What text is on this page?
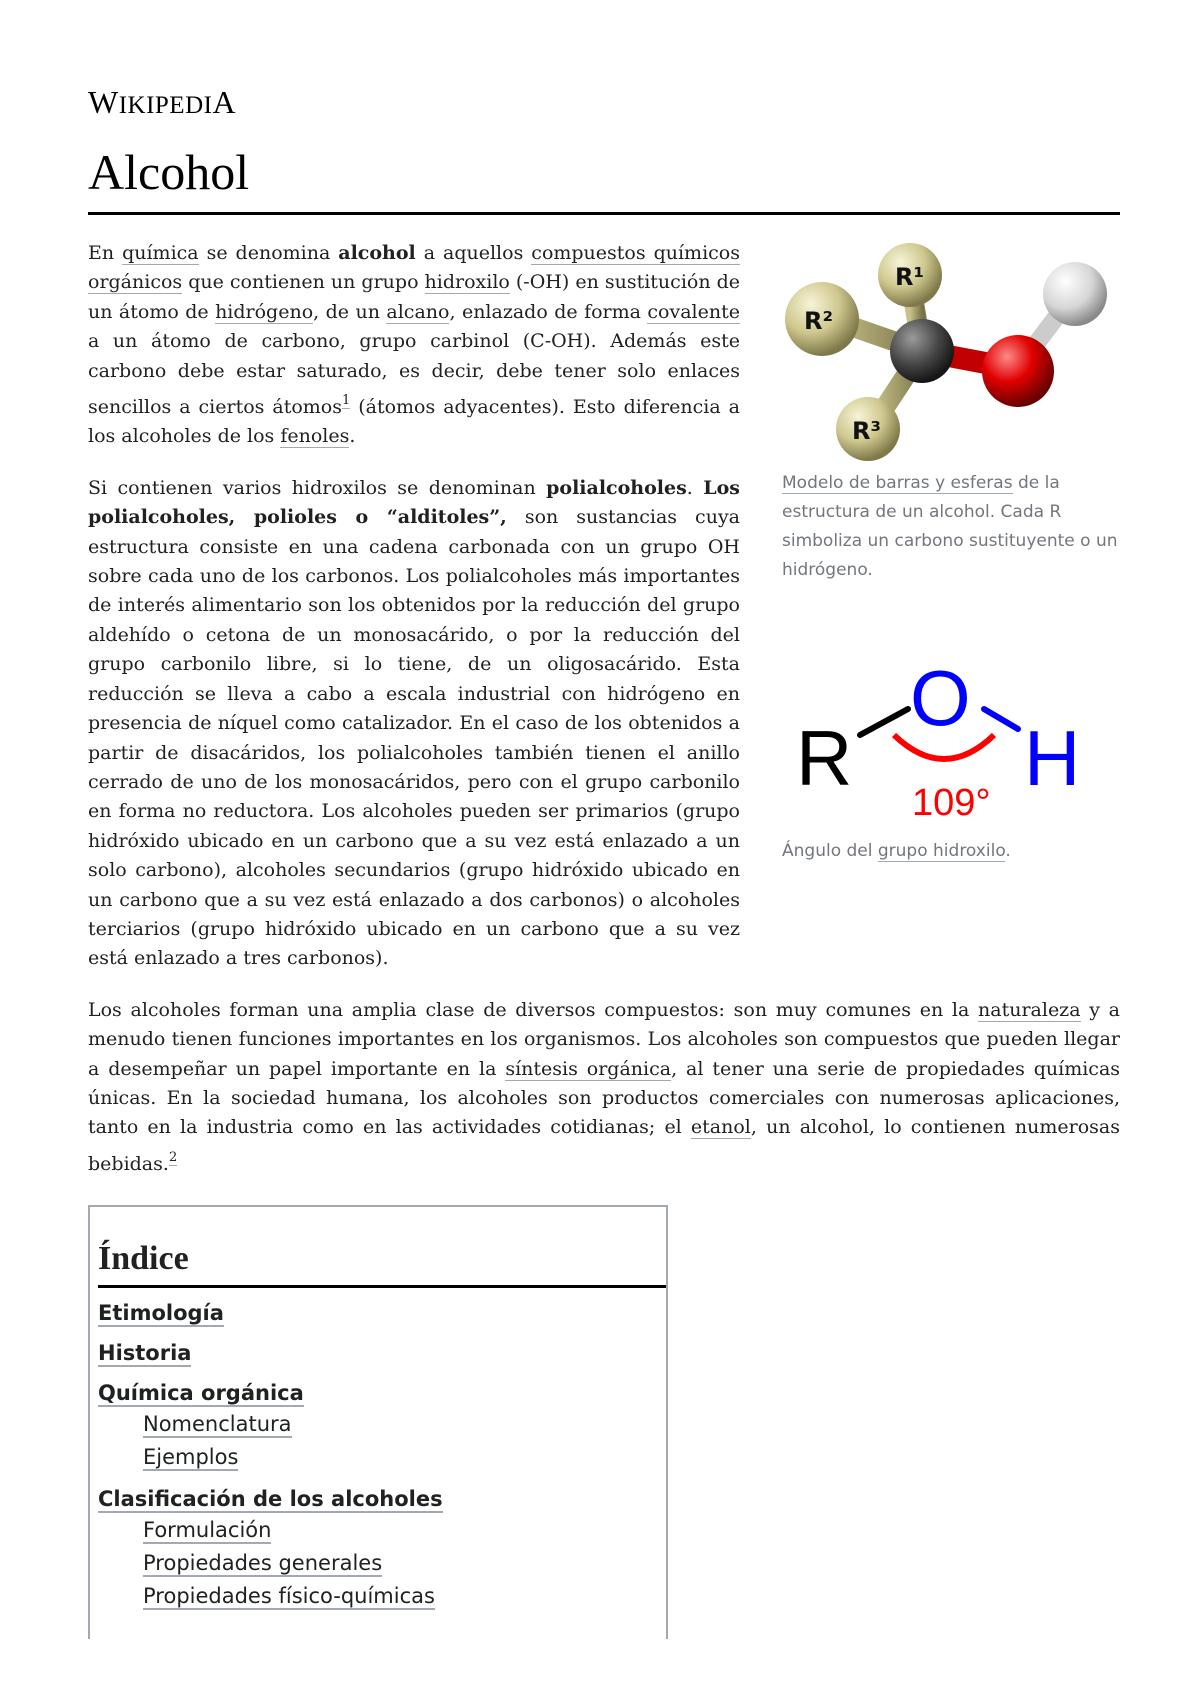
WIKIPEDIA
Alcohol

En química se denomina alcohol a aquellos compuestos químicos orgánicos que contienen un grupo hidroxilo (-OH) en sustitución de un átomo de hidrógeno, de un alcano, enlazado de forma covalente a un átomo de carbono, grupo carbinol (C-OH). Además este carbono debe estar saturado, es decir, debe tener solo enlaces sencillos a ciertos átomos$^1$ (átomos adyacentes). Esto diferencia a los alcoholes de los fenoles.

Si contienen varios hidroxilos se denominan polialcoholes. Los polialcoholes, polioles o “alditoles”, son sustancias cuya estructura consiste en una cadena carbonada con un grupo OH sobre cada uno de los carbonos. Los polialcoholes más importantes de interés alimentario son los obtenidos por la reducción del grupo aldehído o cetona de un monosacárido, o por la reducción del grupo carbonilo libre, si lo tiene, de un oligosacárido. Esta reducción se lleva a cabo a escala industrial con hidrógeno en presencia de níquel como catalizador. En el caso de los obtenidos a partir de disacáridos, los polialcoholes también tienen el anillo cerrado de uno de los monosacáridos, pero con el grupo carbonilo en forma no reductora. Los alcoholes pueden ser primarios (grupo hidróxido ubicado en un carbono que a su vez está enlazado a un solo carbono), alcoholes secundarios (grupo hidróxido ubicado en un carbono que a su vez está enlazado a dos carbonos) o alcoholes terciarios (grupo hidróxido ubicado en un carbono que a su vez está enlazado a tres carbonos).

R¹
R²
R³
Modelo de barras y esferas de la estructura de un alcohol. Cada R simboliza un carbono sustituyente o un hidrógeno.
R
O
H
109°
Ángulo del grupo hidroxilo.

Los alcoholes forman una amplia clase de diversos compuestos: son muy comunes en la naturaleza y a menudo tienen funciones importantes en los organismos. Los alcoholes son compuestos que pueden llegar a desempeñar un papel importante en la síntesis orgánica, al tener una serie de propiedades químicas únicas. En la sociedad humana, los alcoholes son productos comerciales con numerosas aplicaciones, tanto en la industria como en las actividades cotidianas; el etanol, un alcohol, lo contienen numerosas bebidas.$^2$

Índice
Etimología
Historia
Química orgánica
Nomenclatura
Ejemplos
Clasificación de los alcoholes
Formulación
Propiedades generales
Propiedades físico-químicas
